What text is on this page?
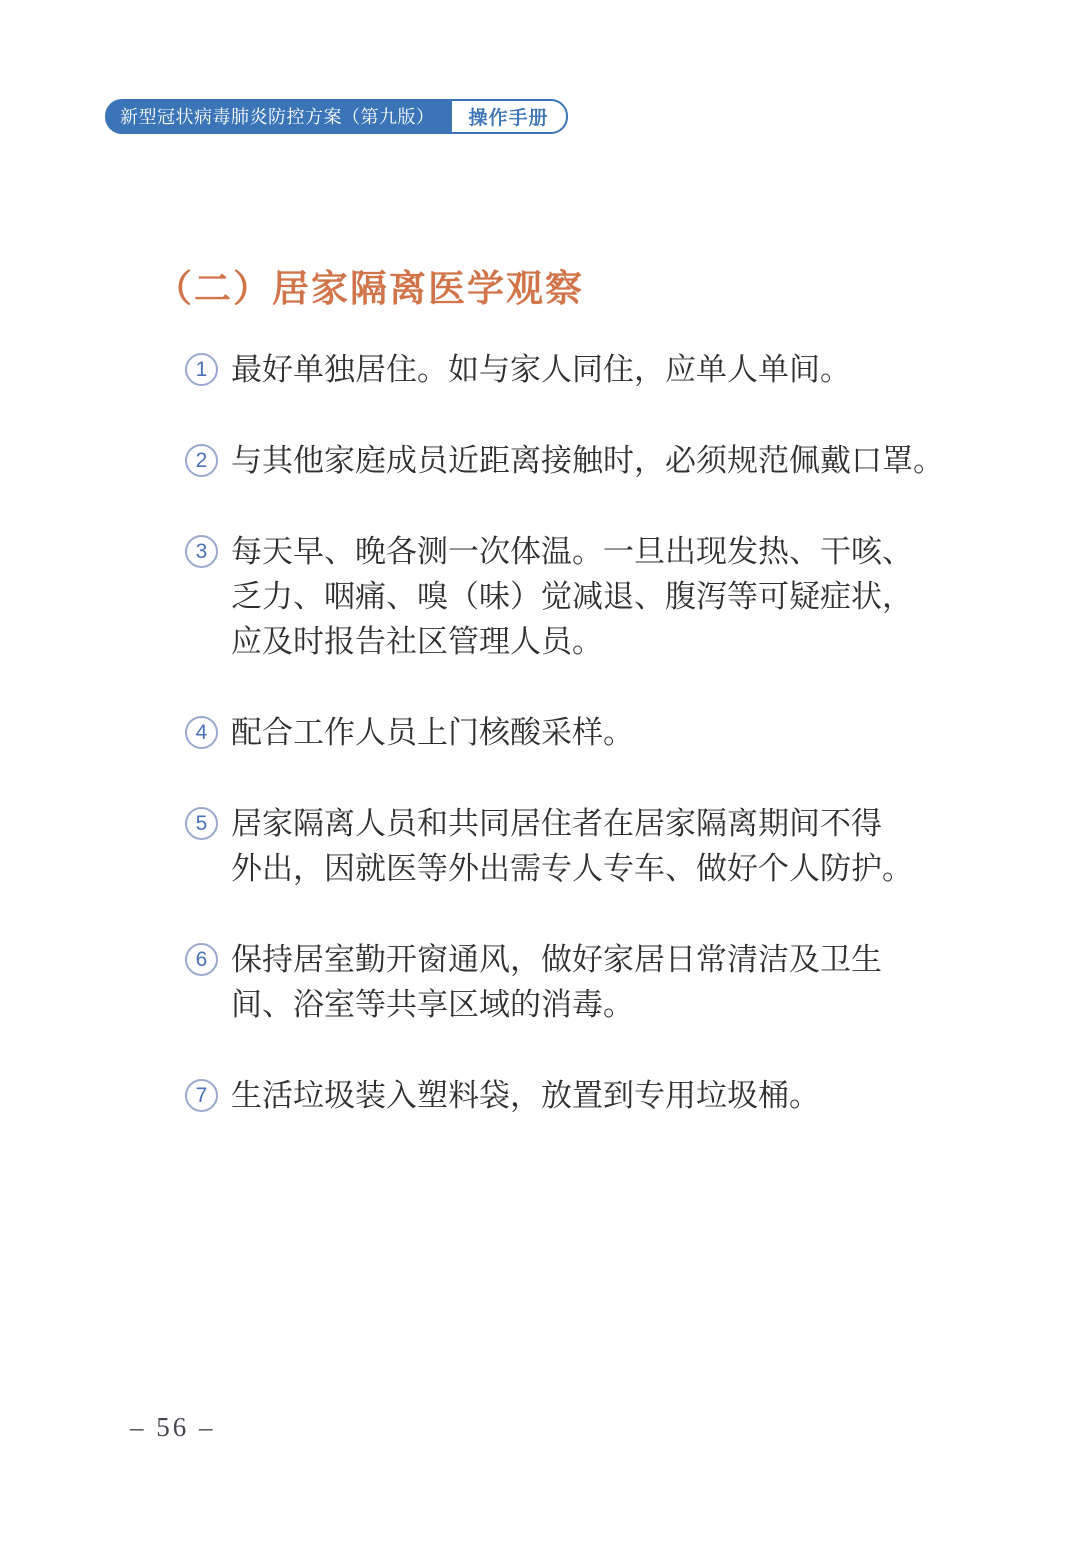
新型冠状病毒肺炎防控方案（第九版）	操作手册
（二）居家隔离医学观察
1 最好单独居住。如与家人同住，应单人单间。

2 与其他家庭成员近距离接触时，必须规范佩戴口罩。

3 每天早、晚各测一次体温。一旦出现发热、干咳、
乏力、咽痛、嗅（味）觉减退、腹泻等可疑症状，
应及时报告社区管理人员。

4 配合工作人员上门核酸采样。

5 居家隔离人员和共同居住者在居家隔离期间不得
外出，因就医等外出需专人专车、做好个人防护。

6 保持居室勤开窗通风，做好家居日常清洁及卫生
间、浴室等共享区域的消毒。

7 生活垃圾装入塑料袋，放置到专用垃圾桶。

– 56 –
